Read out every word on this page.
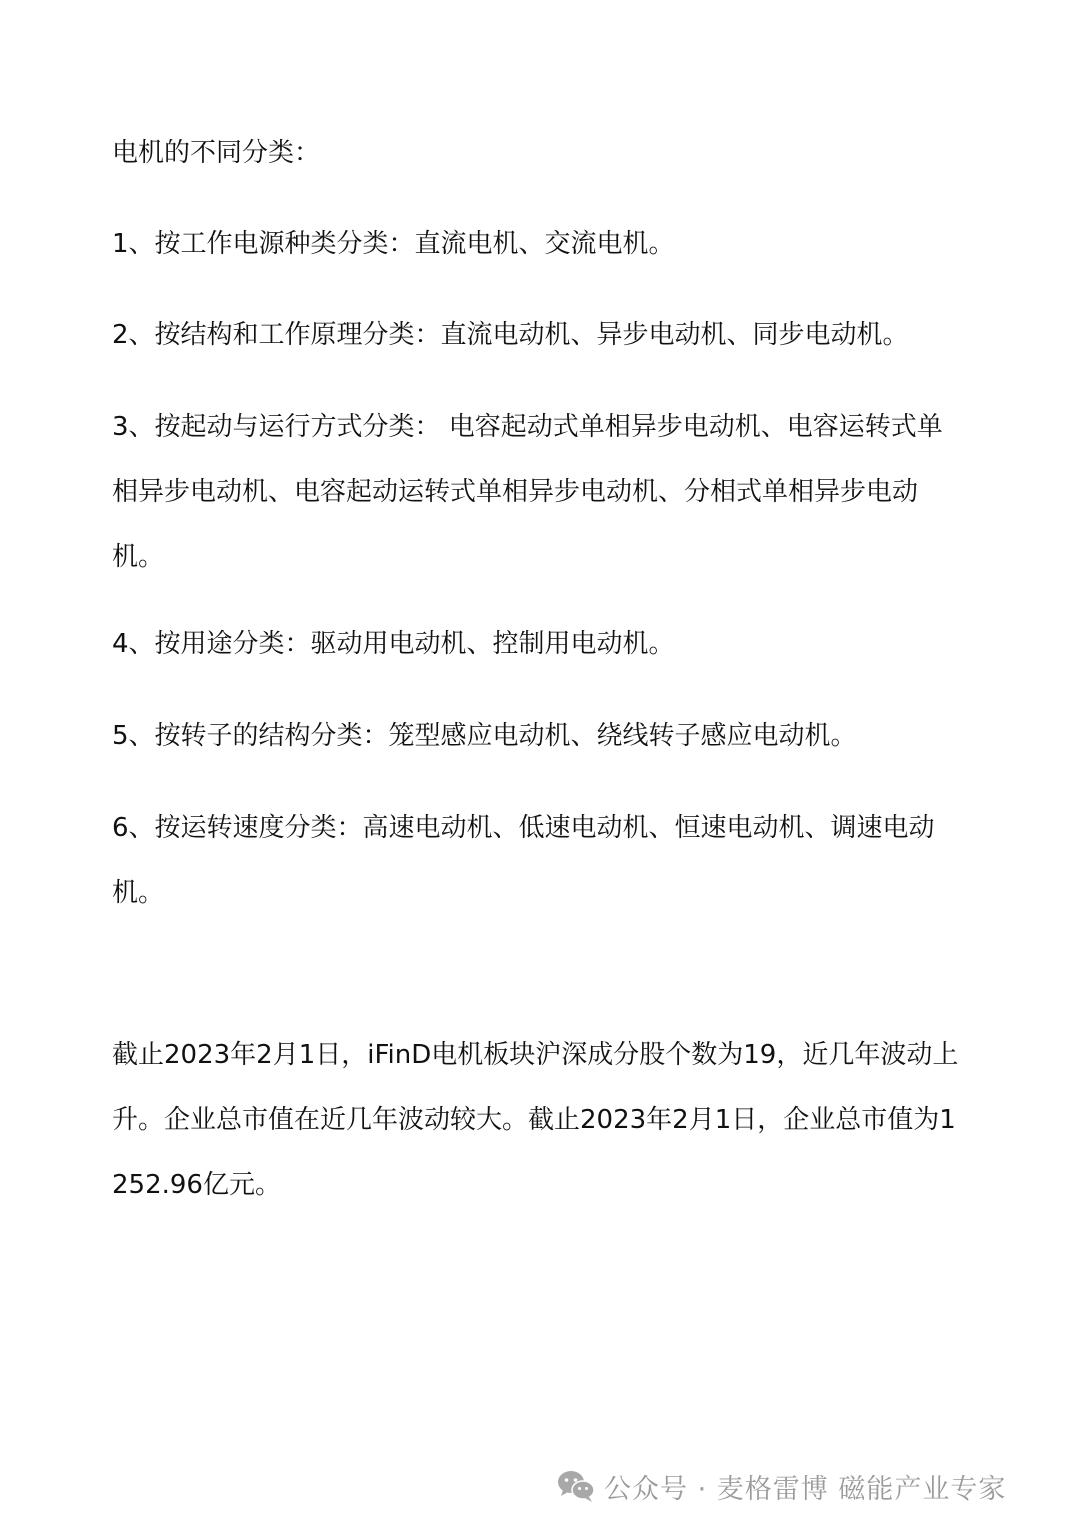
电机的不同分类：

1、按工作电源种类分类：直流电机、交流电机。

2、按结构和工作原理分类：直流电动机、异步电动机、同步电动机。

3、按起动与运行方式分类： 电容起动式单相异步电动机、电容运转式单相异步电动机、电容起动运转式单相异步电动机、分相式单相异步电动机。

4、按用途分类：驱动用电动机、控制用电动机。

5、按转子的结构分类：笼型感应电动机、绕线转子感应电动机。

6、按运转速度分类：高速电动机、低速电动机、恒速电动机、调速电动机。

截止2023年2月1日，iFinD电机板块沪深成分股个数为19，近几年波动上升。企业总市值在近几年波动较大。截止2023年2月1日，企业总市值为1252.96亿元。

公众号 · 麦格雷博 磁能产业专家
